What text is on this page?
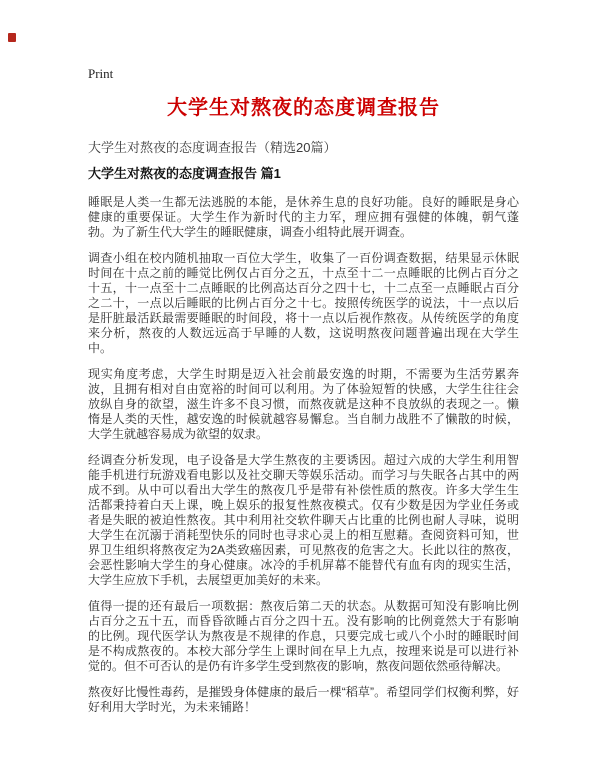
Print
大学生对熬夜的态度调查报告
大学生对熬夜的态度调查报告（精选20篇）
大学生对熬夜的态度调查报告 篇1

睡眠是人类一生都无法逃脱的本能，是休养生息的良好功能。良好的睡眠是身心健康的重要保证。大学生作为新时代的主力军，理应拥有强健的体魄，朝气蓬勃。为了新生代大学生的睡眠健康，调查小组特此展开调查。

调查小组在校内随机抽取一百位大学生，收集了一百份调查数据，结果显示休眠时间在十点之前的睡觉比例仅占百分之五，十点至十二一点睡眠的比例占百分之十五，十一点至十二点睡眠的比例高达百分之四十七，十二点至一点睡眠占百分之二十，一点以后睡眠的比例占百分之十七。按照传统医学的说法，十一点以后是肝脏最活跃最需要睡眠的时间段，将十一点以后视作熬夜。从传统医学的角度来分析，熬夜的人数远远高于早睡的人数，这说明熬夜问题普遍出现在大学生中。

现实角度考虑，大学生时期是迈入社会前最安逸的时期，不需要为生活劳累奔波，且拥有相对自由宽裕的时间可以利用。为了体验短暂的快感，大学生往往会放纵自身的欲望，滋生许多不良习惯，而熬夜就是这种不良放纵的表现之一。懒惰是人类的天性，越安逸的时候就越容易懈怠。当自制力战胜不了懒散的时候，大学生就越容易成为欲望的奴隶。

经调查分析发现，电子设备是大学生熬夜的主要诱因。超过六成的大学生利用智能手机进行玩游戏看电影以及社交聊天等娱乐活动。而学习与失眠各占其中的两成不到。从中可以看出大学生的熬夜几乎是带有补偿性质的熬夜。许多大学生生活都秉持着白天上课，晚上娱乐的报复性熬夜模式。仅有少数是因为学业任务或者是失眠的被迫性熬夜。其中利用社交软件聊天占比重的比例也耐人寻味，说明大学生在沉溺于消耗型快乐的同时也寻求心灵上的相互慰藉。查阅资料可知，世界卫生组织将熬夜定为2A类致癌因素，可见熬夜的危害之大。长此以往的熬夜，会恶性影响大学生的身心健康。冰冷的手机屏幕不能替代有血有肉的现实生活，大学生应放下手机，去展望更加美好的未来。

值得一提的还有最后一项数据：熬夜后第二天的状态。从数据可知没有影响比例占百分之五十五，而昏昏欲睡占百分之四十五。没有影响的比例竟然大于有影响的比例。现代医学认为熬夜是不规律的作息，只要完成七或八个小时的睡眠时间是不构成熬夜的。本校大部分学生上课时间在早上九点，按理来说是可以进行补觉的。但不可否认的是仍有许多学生受到熬夜的影响，熬夜问题依然亟待解决。

熬夜好比慢性毒药，是摧毁身体健康的最后一棵“稻草”。希望同学们权衡利弊，好好利用大学时光，为未来铺路！
